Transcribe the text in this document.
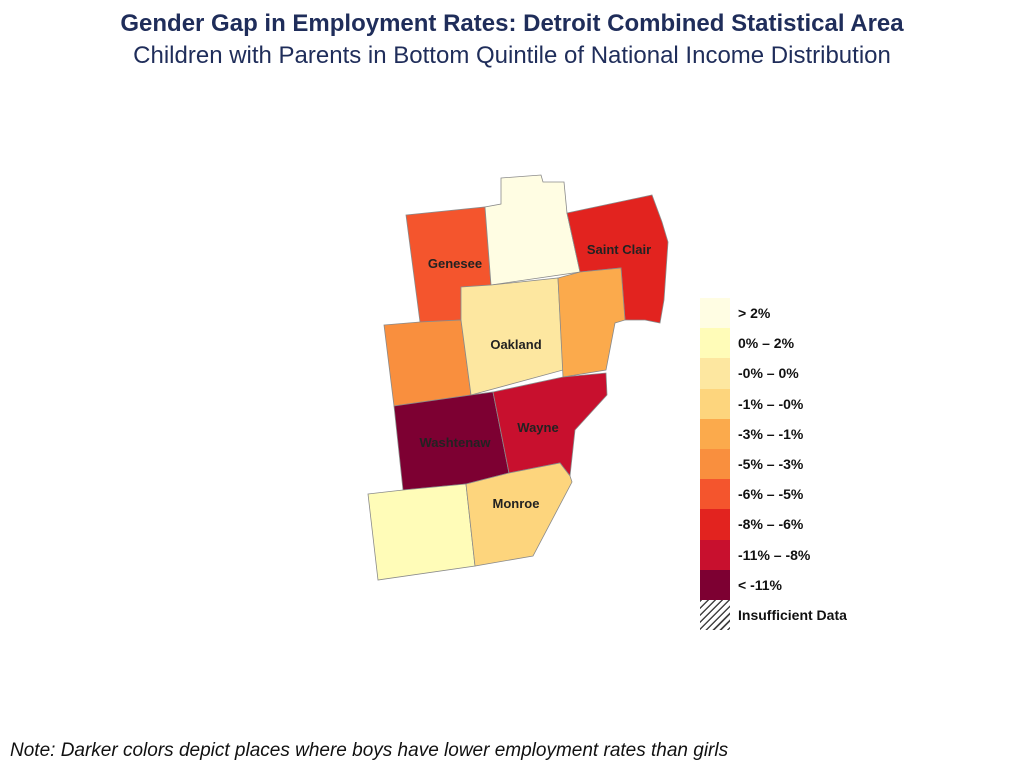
Gender Gap in Employment Rates: Detroit Combined Statistical Area
Children with Parents in Bottom Quintile of National Income Distribution
Genesee
Saint Clair
Oakland
Washtenaw
Wayne
Monroe
> 2%
0% – 2%
-0% – 0%
-1% – -0%
-3% – -1%
-5% – -3%
-6% – -5%
-8% – -6%
-11% – -8%
< -11%
Insufficient Data
Note: Darker colors depict places where boys have lower employment rates than girls
